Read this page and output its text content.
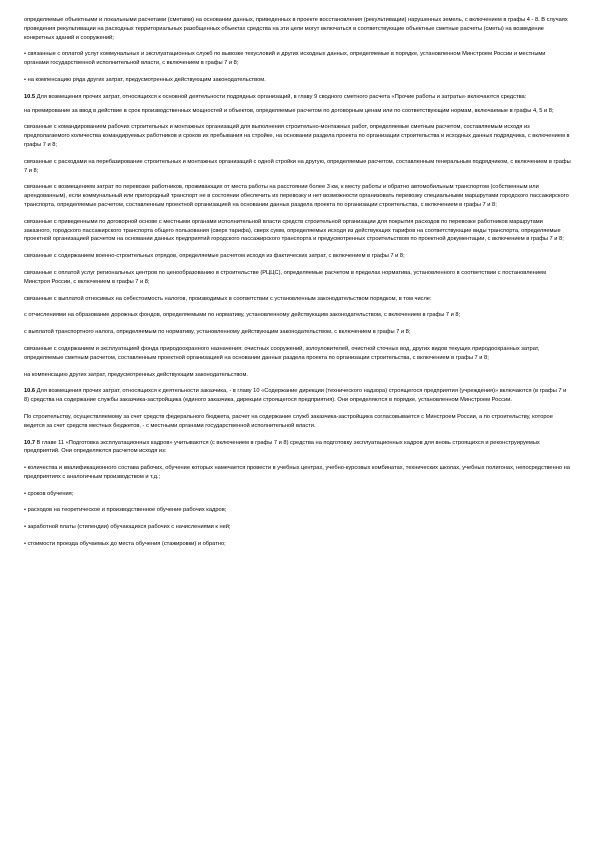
определяемые объектными и локальными расчетами (сметами) на основании данных, приведенных в проекте восстановления (рекультивации) нарушенных земель, с включением в графы 4 - 8. В случаях проведения рекультивации на расходных территориальных разобщенных объектах средства на эти цели могут включаться в соответствующие объектные сметные расчеты (сметы) на возведение конкретных зданий и сооружений;

• связанные с оплатой услуг коммунальных и эксплуатационных служб по вывозке техусловий и других исходных данных, определяемые в порядке, установленном Минстроем России и местными органами государственной исполнительной власти, с включением в графы 7 и 8;

• на компенсацию ряда других затрат, предусмотренных действующим законодательством.

10.5 Для возмещения прочих затрат, относящихся к основной деятельности подрядных организаций, в главу 9 сводного сметного расчета «Прочие работы и затраты» включаются средства:

на премирование за ввод в действие в срок производственных мощностей и объектов, определяемые расчетом по договорным ценам или по соответствующим нормам, включаемые в графы 4, 5 и 8;

связанные с командированием рабочих строительных и монтажных организаций для выполнения строительно-монтажных работ, определяемые сметным расчетом, составляемым исходя из предполагаемого количества командируемых работников и сроков их пребывания на стройке, на основании раздела проекта по организации строительства и исходных данных подрядчика, с включением в графы 7 и 8;

связанные с расходами на перебазирование строительных и монтажных организаций с одной стройки на другую, определяемые расчетом, составленным генеральным подрядчиком, с включением в графы 7 и 8;

связанные с возмещением затрат по перевозке работников, проживающих от места работы на расстоянии более 3 км, к месту работы и обратно автомобильным транспортом (собственным или арендованным), если коммунальный или пригородный транспорт не в состоянии обеспечить их перевозку и нет возможности организовать перевозку специальными маршрутами городского пассажирского транспорта, определяемые расчетом, составленным проектной организацией на основании данных раздела проекта по организации строительства, с включением в графы 7 и 8;

связанные с приведенными по договорной основе с местными органами исполнительной власти средств строительной организации для покрытия расходов по перевозке работников маршрутами заказного, городского пассажирского транспорта общего пользования (сверх тарифа), сверх сумм, определяемых исходя из действующих тарифов на соответствующие виды транспорта, определяемые проектной организацией расчетом на основании данных предприятий городского пассажирского транспорта и предусмотренных строительством по проектной документации, с включением в графы 7 и 8;

связанные с содержанием военно-строительных отрядов, определяемые расчетом исходя из фактических затрат, с включением в графы 7 и 8;

связанные с оплатой услуг региональных центров по ценообразованию в строительстве (РЦЦС), определяемые расчетом в пределах норматива, установленного в соответствии с постановлением Минстроя России, с включением в графы 7 и 8;

связанные с выплатой относимых на себестоимость налогов, производимых в соответствии с установленным законодательством порядком, в том числе:

с отчислениями на образование дорожных фондов, определяемыми по нормативу, установленному действующим законодательством, с включением в графы 7 и 8;

с выплатой транспортного налога, определяемым по нормативу, установленному действующим законодательством, с включением в графы 7 и 8;

связанные с содержанием и эксплуатацией фонда природоохранного назначения: очистных сооружений, золоуловителей, очистной сточных вод, других видов текущих природоохранных затрат, определяемые сметным расчетом, составленным проектной организацией на основании данных раздела проекта по организации строительства, с включением в графы 7 и 8;

на компенсацию других затрат, предусмотренных действующим законодательством.

10.6 Для возмещения прочих затрат, относящихся к деятельности заказчика, - в главу 10 «Содержание дирекции (технического надзора) строящегося предприятия (учреждения)» включаются (в графы 7 и 8) средства на содержание службы заказчика-застройщика (единого заказчика, дирекции строящегося предприятия). Они определяются в порядке, установленном Минстроем России.

По строительству, осуществляемому за счет средств федерального бюджета, расчет на содержание служб заказчика-застройщика согласовывается с Минстроем России, а по строительству, которое ведется за счет средств местных бюджетов, - с местными органами государственной исполнительной власти.

10.7 В главе 11 «Подготовка эксплуатационных кадров» учитываются (с включением в графы 7 и 8) средства на подготовку эксплуатационных кадров для вновь строящихся и реконструируемых предприятий. Они определяются расчетом исходя из:

• количества и квалификационного состава рабочих, обучение которых намечается провести в учебных центрах, учебно-курсовых комбинатах, технических школах, учебных полигонах, непосредственно на предприятиях с аналогичным производством и т.д.;

• сроков обучения;

• расходов на теоретическое и производственное обучение рабочих кадров;

• заработной платы (стипендии) обучающихся рабочих с начислениями к ней;

• стоимости проезда обучаемых до места обучения (стажировки) и обратно;
